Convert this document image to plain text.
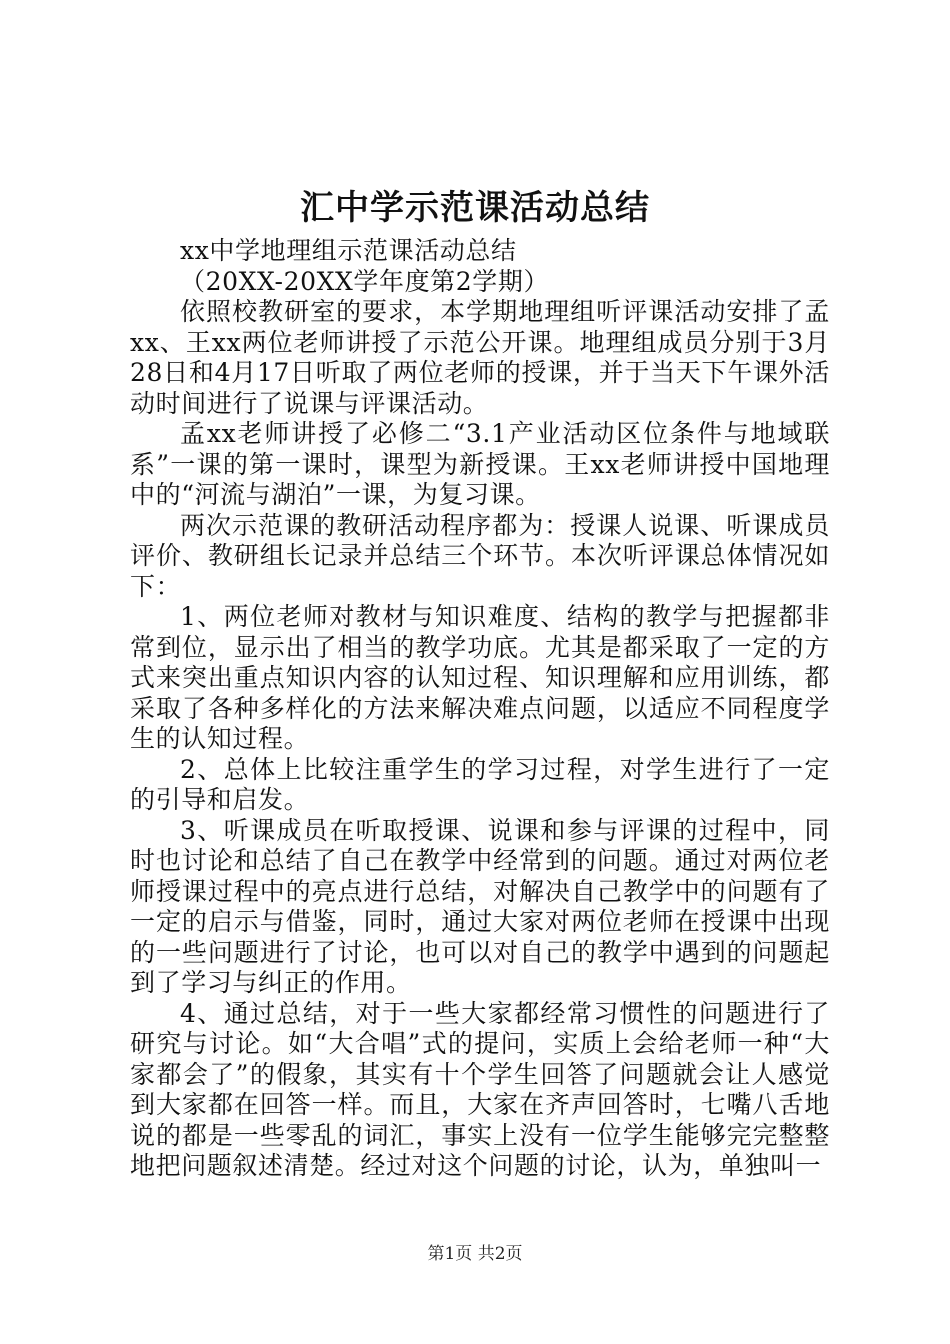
汇中学示范课活动总结

xx中学地理组示范课活动总结

（20XX-20XX学年度第2学期）

依照校教研室的要求，本学期地理组听评课活动安排了孟xx、王xx两位老师讲授了示范公开课。地理组成员分别于3月28日和4月17日听取了两位老师的授课，并于当天下午课外活动时间进行了说课与评课活动。

孟xx老师讲授了必修二“3.1产业活动区位条件与地域联系”一课的第一课时，课型为新授课。王xx老师讲授中国地理中的“河流与湖泊”一课，为复习课。

两次示范课的教研活动程序都为：授课人说课、听课成员评价、教研组长记录并总结三个环节。本次听评课总体情况如下：

1、两位老师对教材与知识难度、结构的教学与把握都非常到位，显示出了相当的教学功底。尤其是都采取了一定的方式来突出重点知识内容的认知过程、知识理解和应用训练，都采取了各种多样化的方法来解决难点问题，以适应不同程度学生的认知过程。

2、总体上比较注重学生的学习过程，对学生进行了一定的引导和启发。

3、听课成员在听取授课、说课和参与评课的过程中，同时也讨论和总结了自己在教学中经常到的问题。通过对两位老师授课过程中的亮点进行总结，对解决自己教学中的问题有了一定的启示与借鉴，同时，通过大家对两位老师在授课中出现的一些问题进行了讨论，也可以对自己的教学中遇到的问题起到了学习与纠正的作用。

4、通过总结，对于一些大家都经常习惯性的问题进行了研究与讨论。如“大合唱”式的提问，实质上会给老师一种“大家都会了”的假象，其实有十个学生回答了问题就会让人感觉到大家都在回答一样。而且，大家在齐声回答时，七嘴八舌地说的都是一些零乱的词汇，事实上没有一位学生能够完完整整地把问题叙述清楚。经过对这个问题的讨论，认为，单独叫一

第1页 共2页
